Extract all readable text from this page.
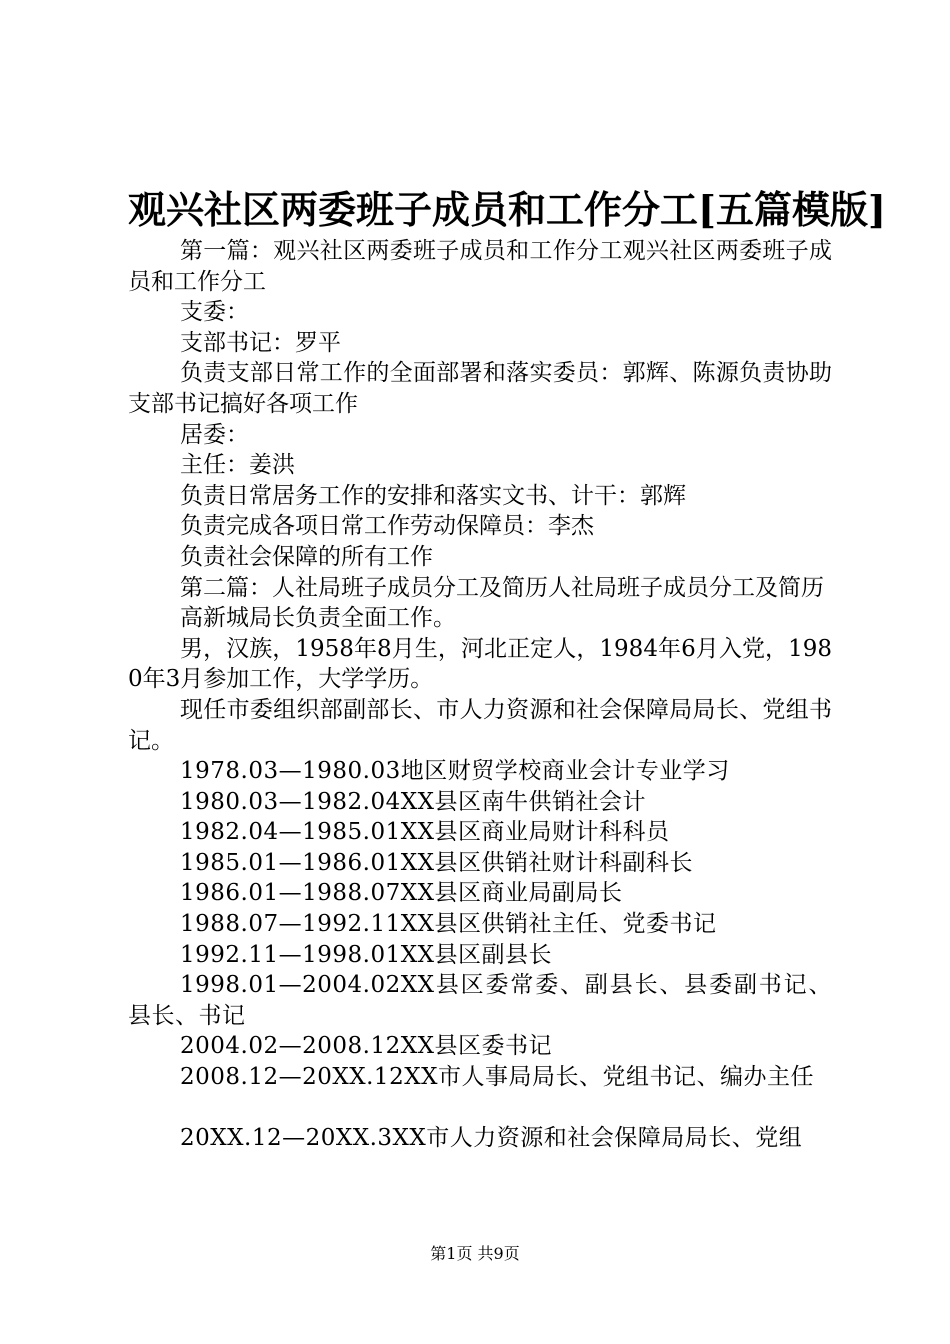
观兴社区两委班子成员和工作分工[五篇模版]

第一篇：观兴社区两委班子成员和工作分工观兴社区两委班子成员和工作分工

支委：

支部书记：罗平

负责支部日常工作的全面部署和落实委员：郭辉、陈源负责协助支部书记搞好各项工作

居委：

主任：姜洪

负责日常居务工作的安排和落实文书、计干：郭辉

负责完成各项日常工作劳动保障员：李杰

负责社会保障的所有工作

第二篇：人社局班子成员分工及简历人社局班子成员分工及简历

高新城局长负责全面工作。

男，汉族，1958年8月生，河北正定人，1984年6月入党，1980年3月参加工作，大学学历。

现任市委组织部副部长、市人力资源和社会保障局局长、党组书记。

1978.03—1980.03地区财贸学校商业会计专业学习

1980.03—1982.04XX县区南牛供销社会计

1982.04—1985.01XX县区商业局财计科科员

1985.01—1986.01XX县区供销社财计科副科长

1986.01—1988.07XX县区商业局副局长

1988.07—1992.11XX县区供销社主任、党委书记

1992.11—1998.01XX县区副县长

1998.01—2004.02XX县区委常委、副县长、县委副书记、县长、书记

2004.02—2008.12XX县区委书记

2008.12—20XX.12XX市人事局局长、党组书记、编办主任

20XX.12—20XX.3XX市人力资源和社会保障局局长、党组

第1页 共9页
